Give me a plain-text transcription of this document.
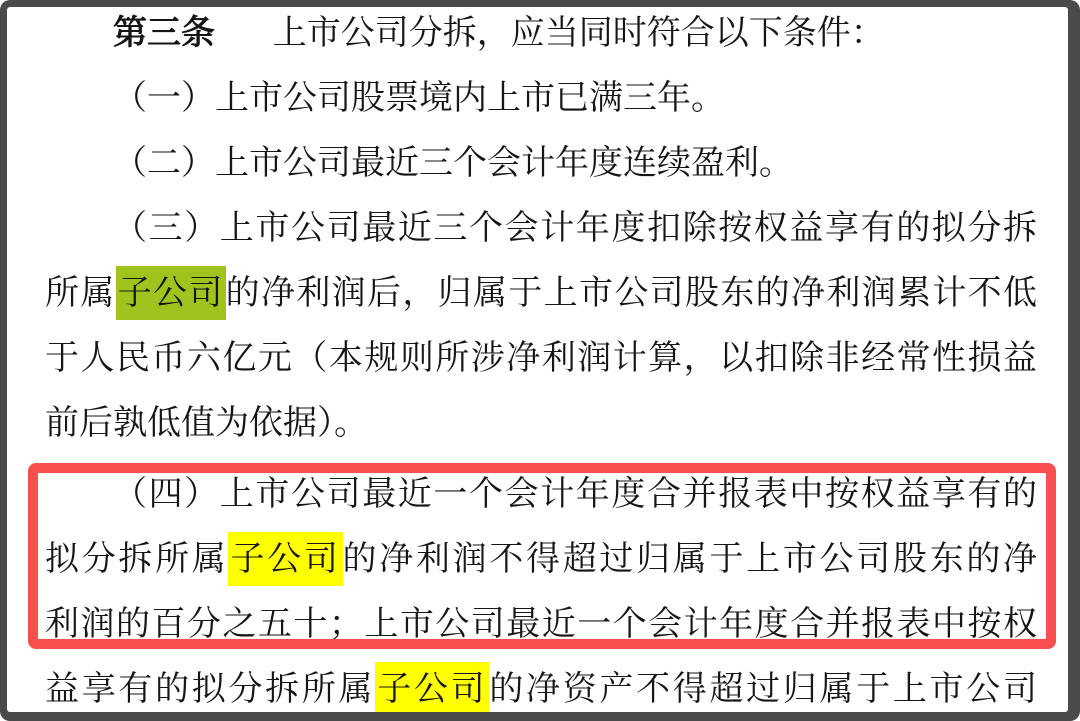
第三条 上市公司分拆，应当同时符合以下条件：
（一）上市公司股票境内上市已满三年。
（二）上市公司最近三个会计年度连续盈利。
（三）上市公司最近三个会计年度扣除按权益享有的拟分拆
所属子公司的净利润后，归属于上市公司股东的净利润累计不低
于人民币六亿元（本规则所涉净利润计算，以扣除非经常性损益
前后孰低值为依据）。
（四）上市公司最近一个会计年度合并报表中按权益享有的
拟分拆所属子公司的净利润不得超过归属于上市公司股东的净
利润的百分之五十；上市公司最近一个会计年度合并报表中按权
益享有的拟分拆所属子公司的净资产不得超过归属于上市公司
